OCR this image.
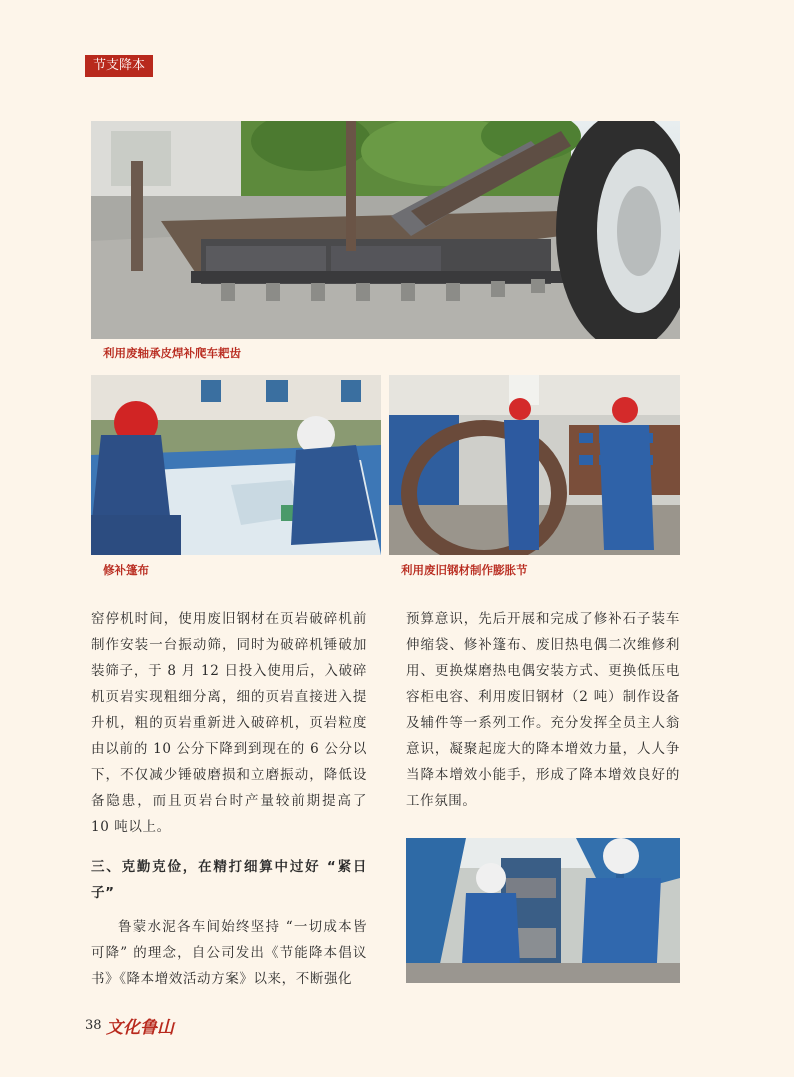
节支降本
利用废轴承皮焊补爬车耙齿
修补篷布	利用废旧钢材制作膨胀节

窑停机时间，使用废旧钢材在页岩破碎机前制作安装一台振动筛，同时为破碎机锤破加装筛子，于 8 月 12 日投入使用后，入破碎机页岩实现粗细分离，细的页岩直接进入提升机，粗的页岩重新进入破碎机，页岩粒度由以前的 10 公分下降到到现在的 6 公分以下，不仅减少锤破磨损和立磨振动，降低设备隐患，而且页岩台时产量较前期提高了 10 吨以上。

三、克勤克俭，在精打细算中过好 “紧日子”

鲁蒙水泥各车间始终坚持 “一切成本皆可降” 的理念，自公司发出《节能降本倡议书》《降本增效活动方案》以来，不断强化

预算意识，先后开展和完成了修补石子装车伸缩袋、修补篷布、废旧热电偶二次维修利用、更换煤磨热电偶安装方式、更换低压电容柜电容、利用废旧钢材（2 吨）制作设备及辅件等一系列工作。充分发挥全员主人翁意识，凝聚起庞大的降本增效力量，人人争当降本增效小能手，形成了降本增效良好的工作氛围。

38 文化鲁山
